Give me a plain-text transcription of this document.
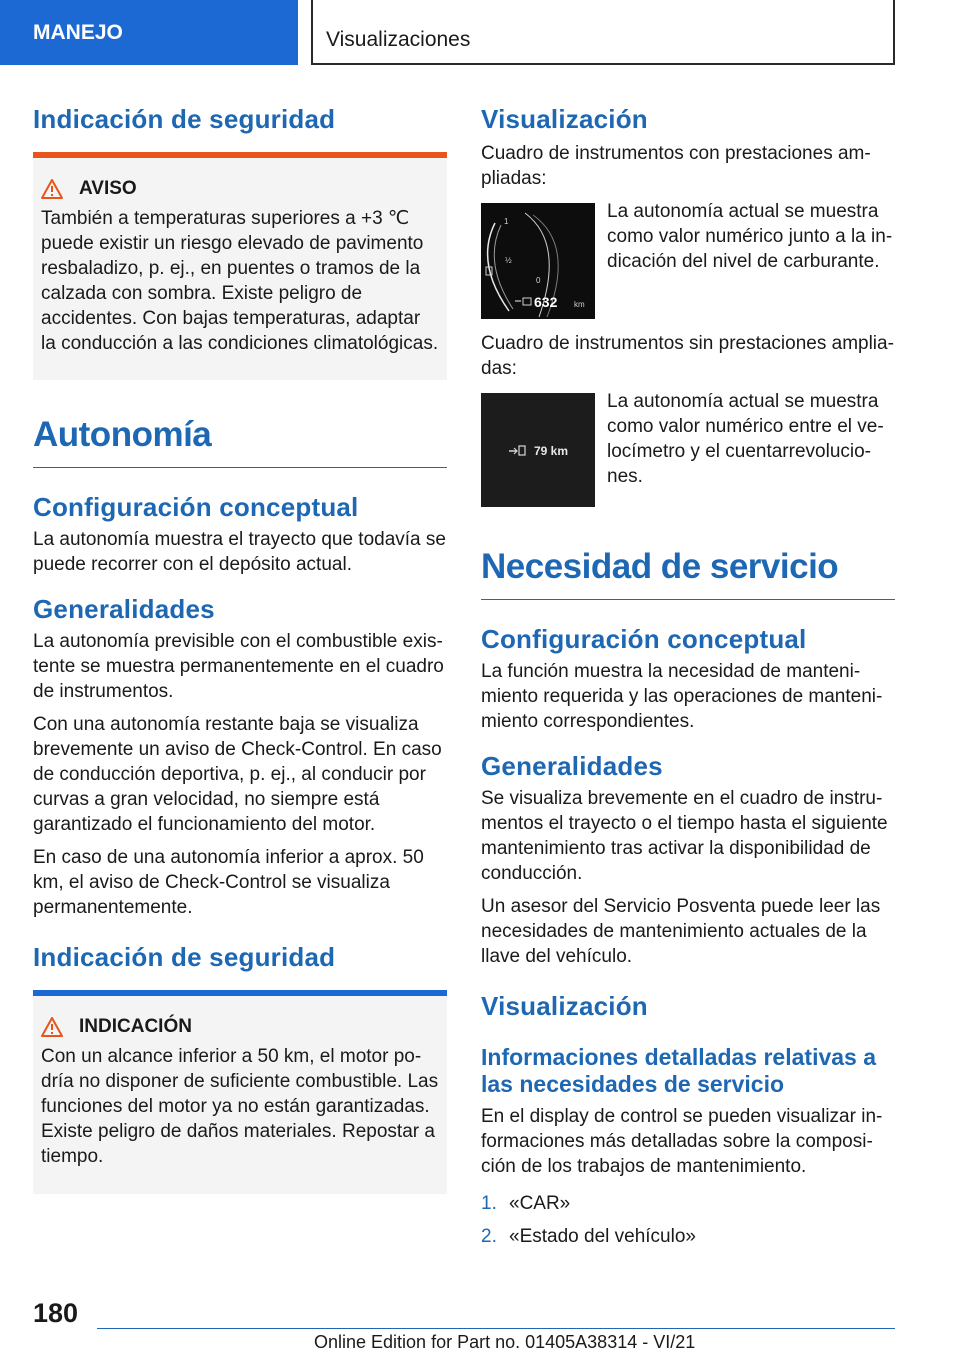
MANEJO	Visualizaciones
Indicación de seguridad
AVISO

También a temperaturas superiores a +3 ℃ puede existir un riesgo elevado de pavimento resbaladizo, p. ej., en puentes o tramos de la calzada con sombra. Existe peligro de accidentes. Con bajas temperaturas, adaptar la conducción a las condiciones climatológicas.

Autonomía
Configuración conceptual

La autonomía muestra el trayecto que todavía se puede recorrer con el depósito actual.

Generalidades

La autonomía previsible con el combustible existente se muestra permanentemente en el cuadro de instrumentos.

Con una autonomía restante baja se visualiza brevemente un aviso de Check-Control. En caso de conducción deportiva, p. ej., al conducir por curvas a gran velocidad, no siempre está garantizado el funcionamiento del motor.

En caso de una autonomía inferior a aprox. 50 km, el aviso de Check-Control se visualiza permanentemente.

Indicación de seguridad
INDICACIÓN

Con un alcance inferior a 50 km, el motor podría no disponer de suficiente combustible. Las funciones del motor ya no están garantizadas. Existe peligro de daños materiales. Repostar a tiempo.

Visualización

Cuadro de instrumentos con prestaciones ampliadas:

1
½
0
632 km

La autonomía actual se muestra como valor numérico junto a la indicación del nivel de carburante.

Cuadro de instrumentos sin prestaciones ampliadas:

79 km

La autonomía actual se muestra como valor numérico entre el velocímetro y el cuentarrevoluciones.

Necesidad de servicio
Configuración conceptual

La función muestra la necesidad de mantenimiento requerida y las operaciones de mantenimiento correspondientes.

Generalidades

Se visualiza brevemente en el cuadro de instrumentos el trayecto o el tiempo hasta el siguiente mantenimiento tras activar la disponibilidad de conducción.

Un asesor del Servicio Posventa puede leer las necesidades de mantenimiento actuales de la llave del vehículo.

Visualización
Informaciones detalladas relativas a las necesidades de servicio

En el display de control se pueden visualizar informaciones más detalladas sobre la composición de los trabajos de mantenimiento.

1. «CAR»
2. «Estado del vehículo»
180
Online Edition for Part no. 01405A38314 - VI/21
